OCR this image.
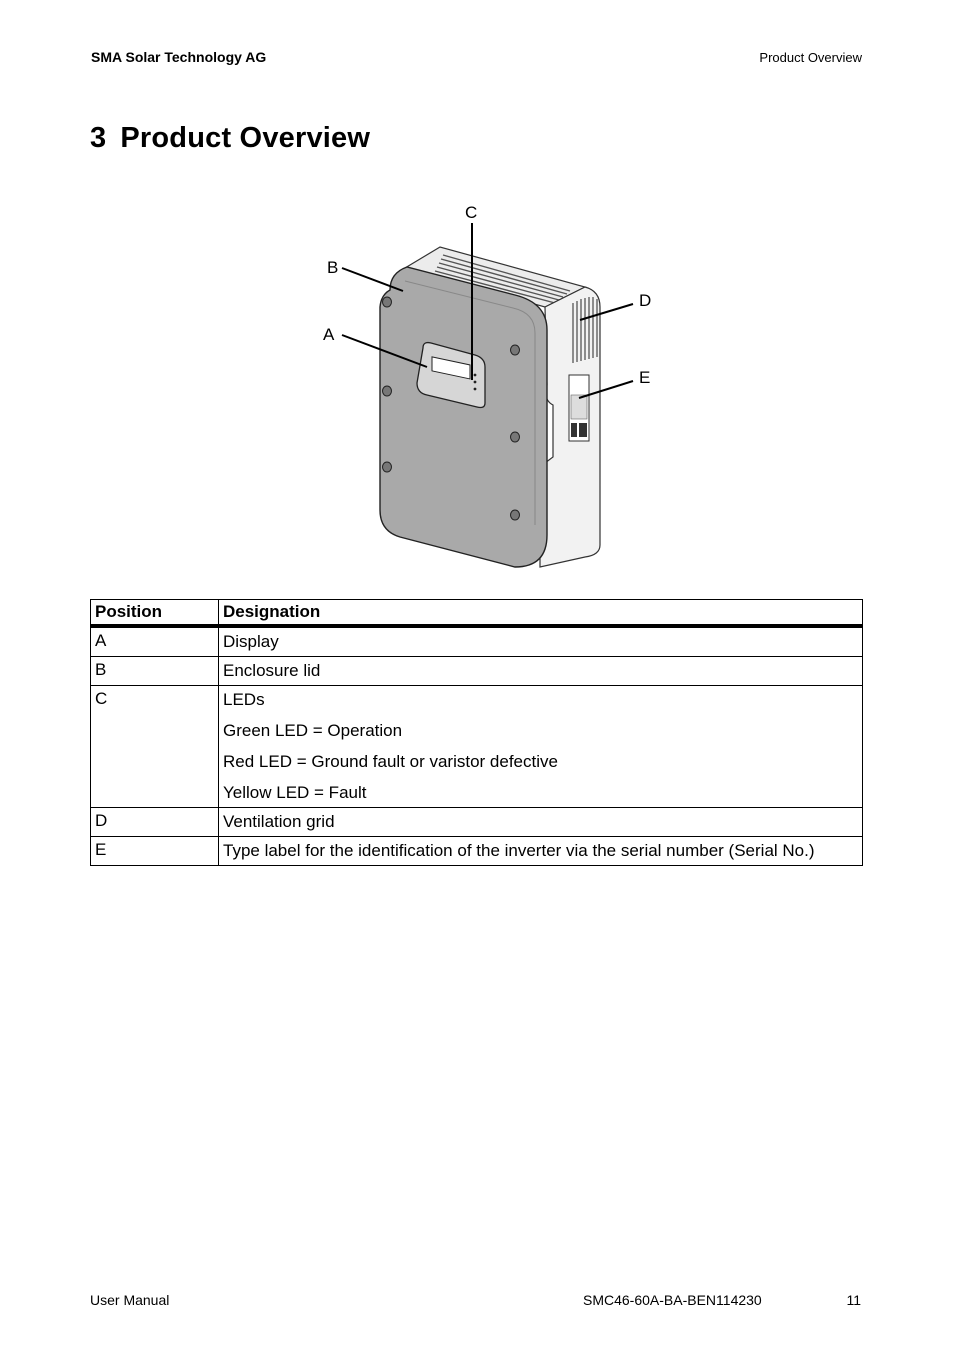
SMA Solar Technology AG	Product Overview
3 Product Overview
B
A
C
D
E
Position	Designation
A	Display

B	Enclosure lid

C	LEDs
Green LED = Operation
Red LED = Ground fault or varistor defective
Yellow LED = Fault

D	Ventilation grid

E	Type label for the identification of the inverter via the serial number (Serial No.)
User Manual	SMC46-60A-BA-BEN114230	11
